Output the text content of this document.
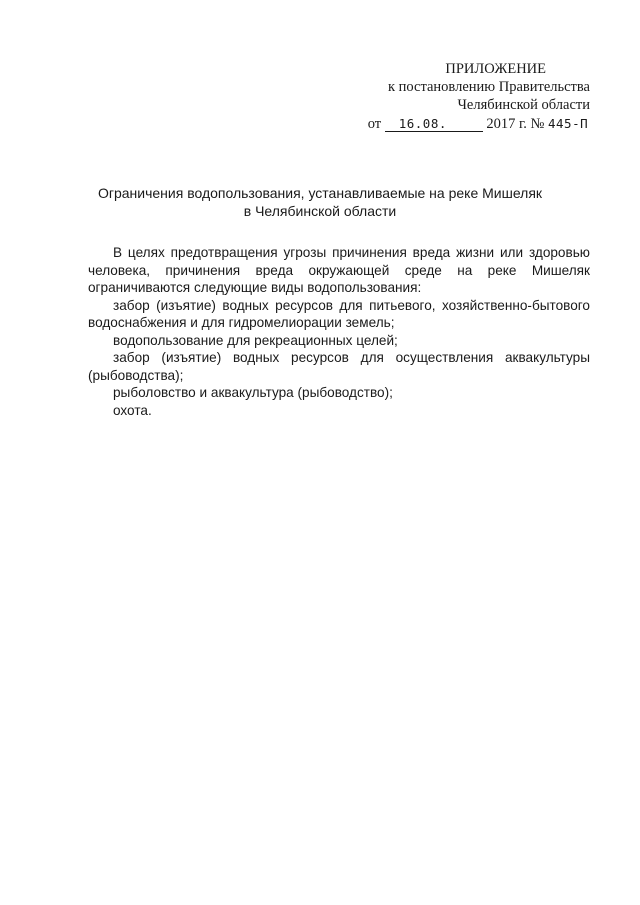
ПРИЛОЖЕНИЕ
к постановлению Правительства
Челябинской области
от 16.08.	2017 г. № 445-П
Ограничения водопользования, устанавливаемые на реке Мишеляк
в Челябинской области

В целях предотвращения угрозы причинения вреда жизни или здоровью человека, причинения вреда окружающей среде на реке Мишеляк ограничиваются следующие виды водопользования:

забор (изъятие) водных ресурсов для питьевого, хозяйственно-бытового водоснабжения и для гидромелиорации земель;

водопользование для рекреационных целей;

забор (изъятие) водных ресурсов для осуществления аквакультуры (рыбоводства);

рыболовство и аквакультура (рыбоводство);

охота.
